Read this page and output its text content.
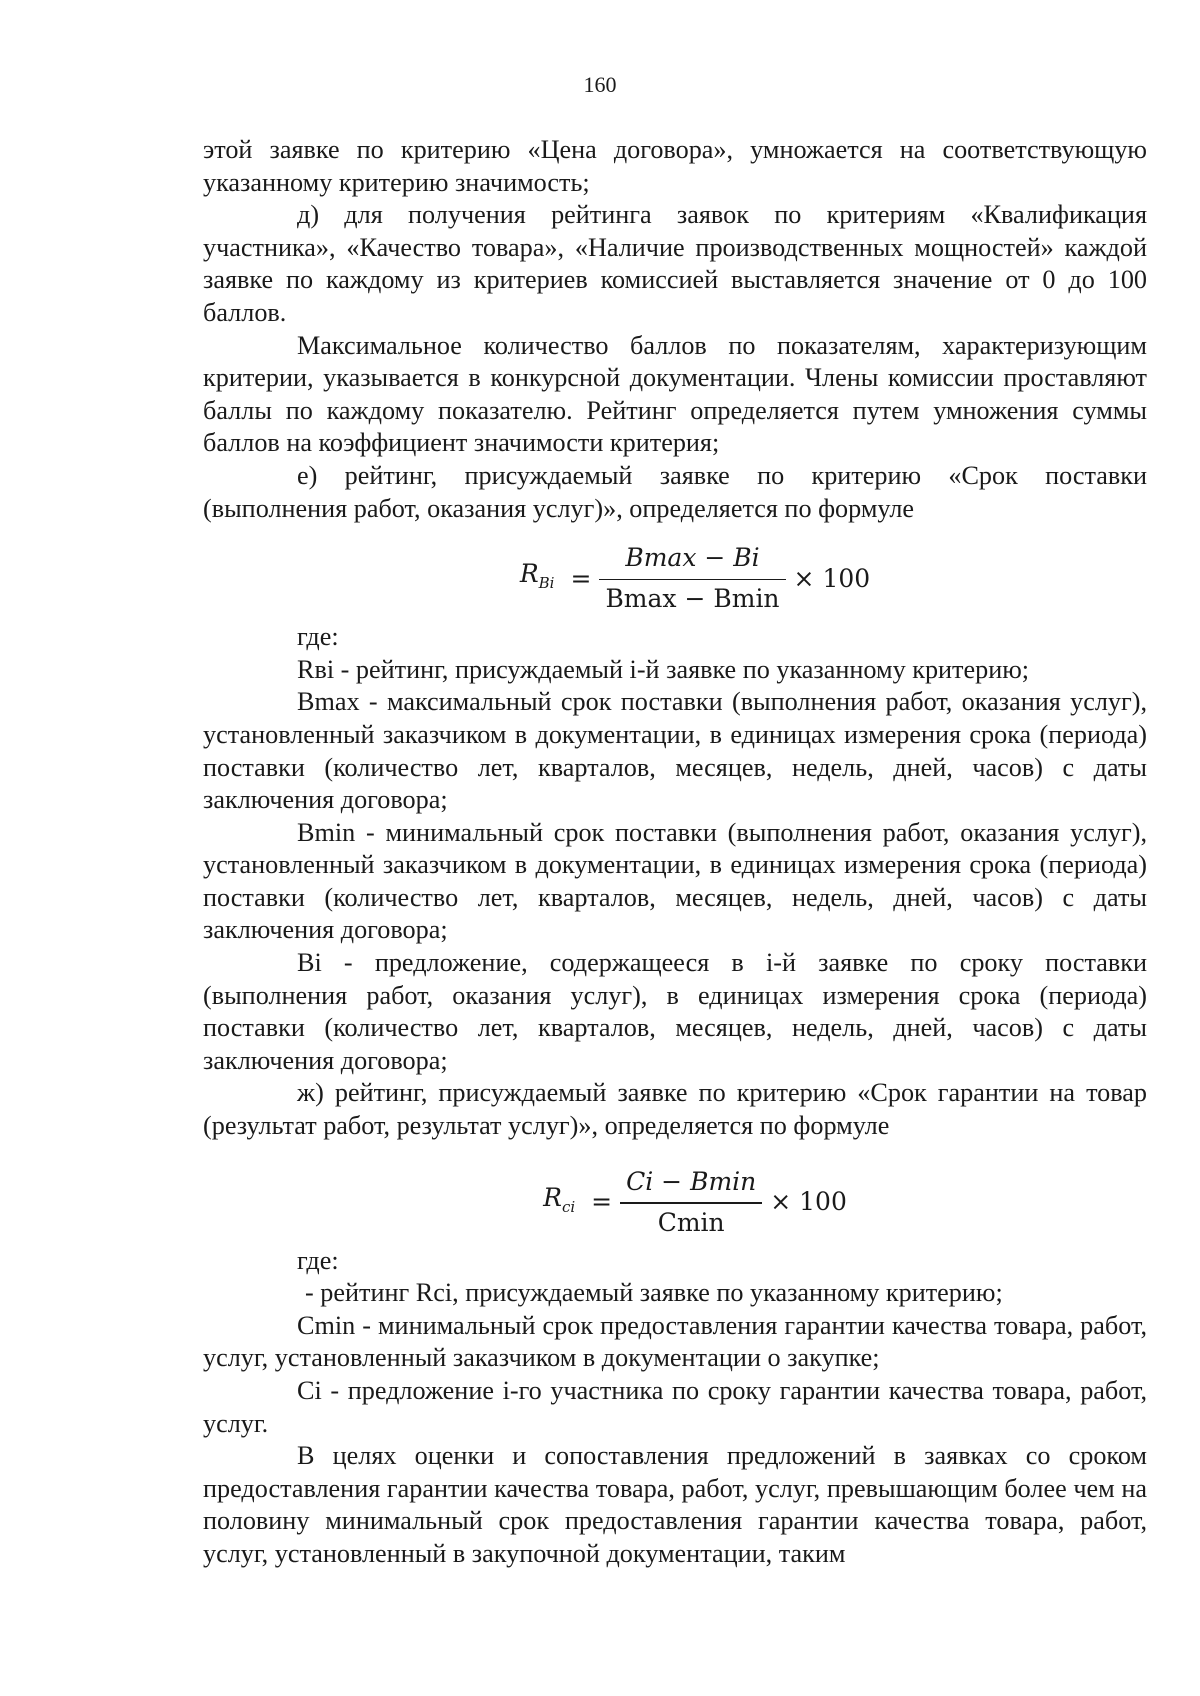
160

этой заявке по критерию «Цена договора», умножается на соответствующую указанному критерию значимость;

д) для получения рейтинга заявок по критериям «Квалификация участника», «Качество товара», «Наличие производственных мощностей» каждой заявке по каждому из критериев комиссией выставляется значение от 0 до 100 баллов.

Максимальное количество баллов по показателям, характеризующим критерии, указывается в конкурсной документации. Члены комиссии проставляют баллы по каждому показателю. Рейтинг определяется путем умножения суммы баллов на коэффициент значимости критерия;

е) рейтинг, присуждаемый заявке по критерию «Срок поставки (выполнения работ, оказания услуг)», определяется по формуле

$R_{Bi} = \frac{Bmax - Bi}{Bmax - Bmin} \times 100$

где:

Rвi - рейтинг, присуждаемый i-й заявке по указанному критерию;

Вmax - максимальный срок поставки (выполнения работ, оказания услуг), установленный заказчиком в документации, в единицах измерения срока (периода) поставки (количество лет, кварталов, месяцев, недель, дней, часов) с даты заключения договора;

Вmin - минимальный срок поставки (выполнения работ, оказания услуг), установленный заказчиком в документации, в единицах измерения срока (периода) поставки (количество лет, кварталов, месяцев, недель, дней, часов) с даты заключения договора;

Вi - предложение, содержащееся в i-й заявке по сроку поставки (выполнения работ, оказания услуг), в единицах измерения срока (периода) поставки (количество лет, кварталов, месяцев, недель, дней, часов) с даты заключения договора;

ж) рейтинг, присуждаемый заявке по критерию «Срок гарантии на товар (результат работ, результат услуг)», определяется по формуле

$R_{ci} = \frac{Ci - Bmin}{Cmin} \times 100$

где:

- рейтинг Rci, присуждаемый заявке по указанному критерию;

Cmin - минимальный срок предоставления гарантии качества товара, работ, услуг, установленный заказчиком в документации о закупке;

Ci - предложение i-го участника по сроку гарантии качества товара, работ, услуг.

В целях оценки и сопоставления предложений в заявках со сроком предоставления гарантии качества товара, работ, услуг, превышающим более чем на половину минимальный срок предоставления гарантии качества товара, работ, услуг, установленный в закупочной документации, таким
